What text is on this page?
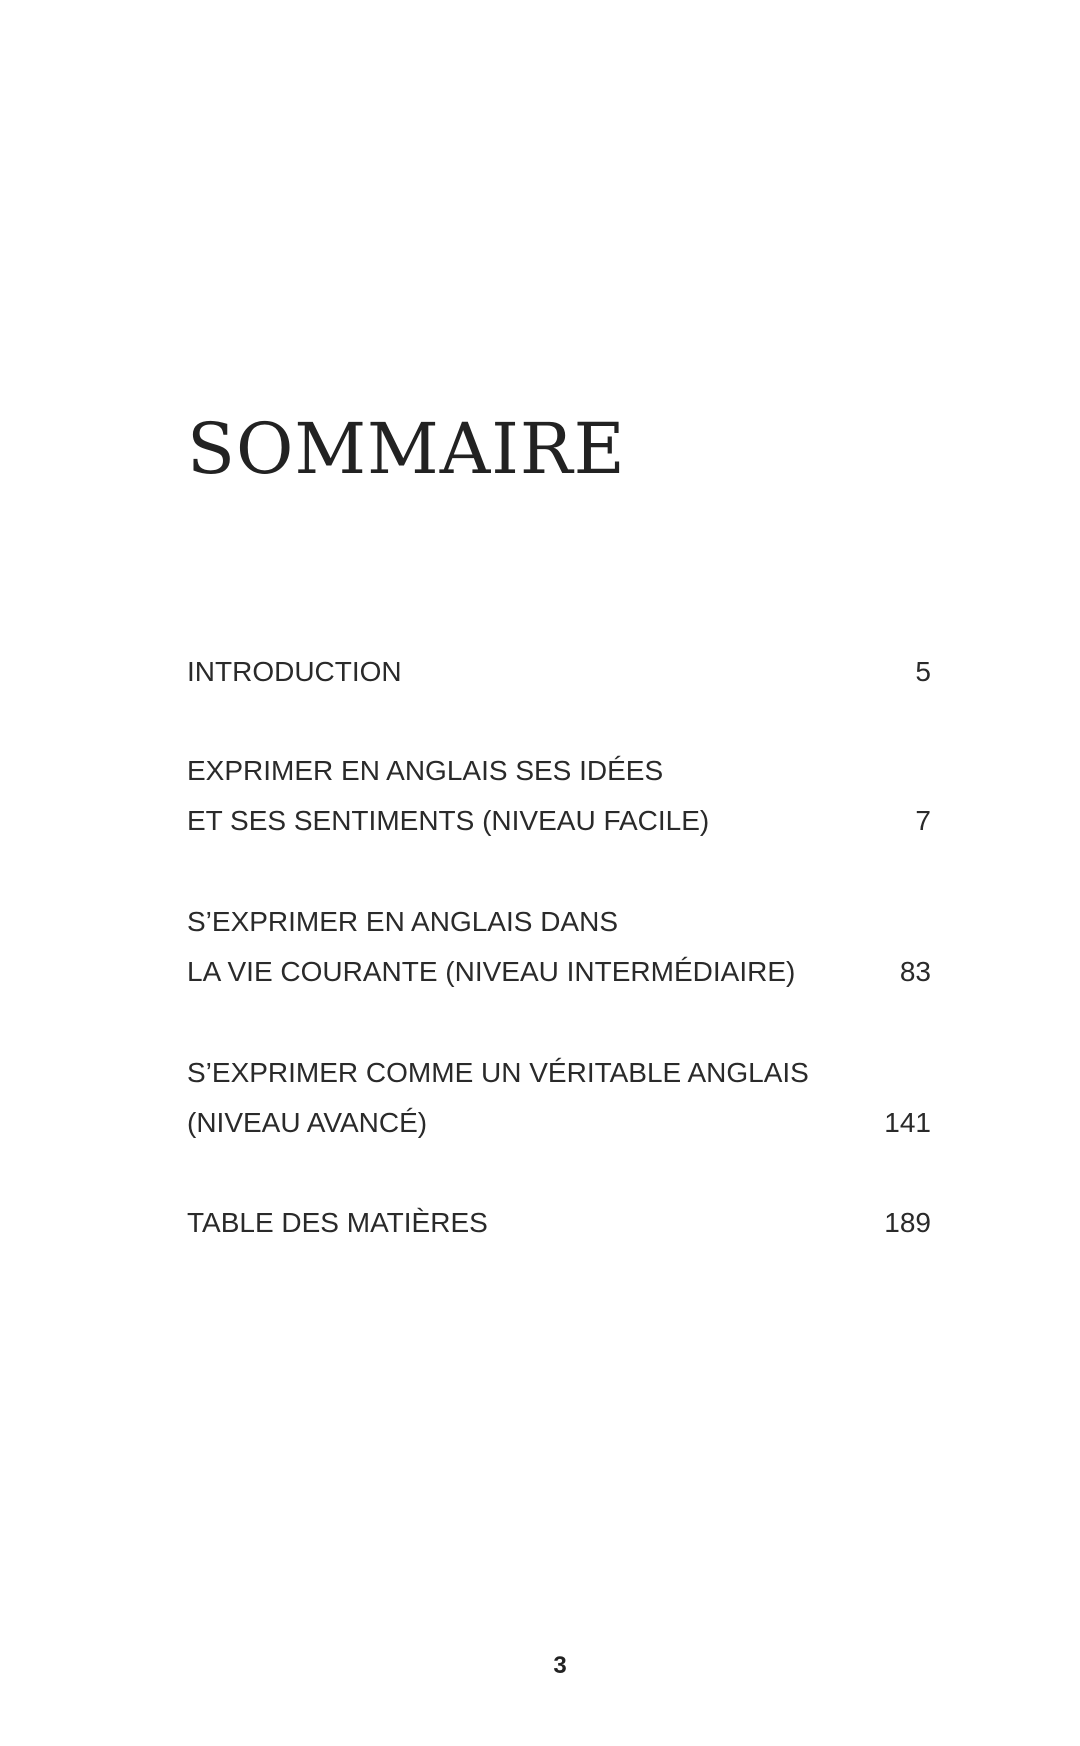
SOMMAIRE
INTRODUCTION	5
EXPRIMER EN ANGLAIS SES IDÉES
ET SES SENTIMENTS (NIVEAU FACILE)	7
S’EXPRIMER EN ANGLAIS DANS
LA VIE COURANTE (NIVEAU INTERMÉDIAIRE)	83
S’EXPRIMER COMME UN VÉRITABLE ANGLAIS
(NIVEAU AVANCÉ)	141
TABLE DES MATIÈRES	189
3
